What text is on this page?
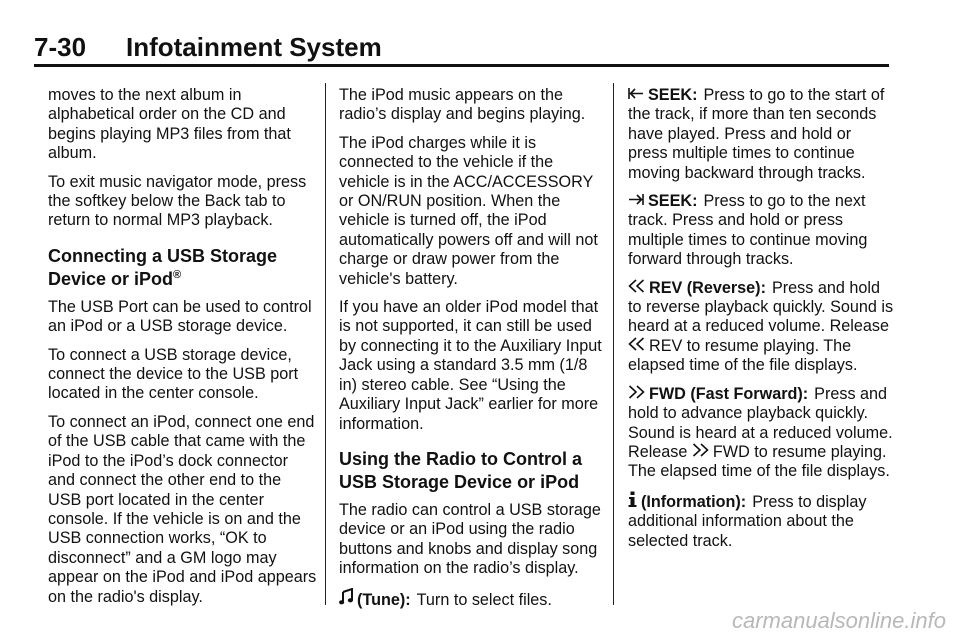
7-30 Infotainment System

moves to the next album in alphabetical order on the CD and begins playing MP3 files from that album.

To exit music navigator mode, press the softkey below the Back tab to return to normal MP3 playback.

Connecting a USB Storage Device or iPod®

The USB Port can be used to control an iPod or a USB storage device.

To connect a USB storage device, connect the device to the USB port located in the center console.

To connect an iPod, connect one end of the USB cable that came with the iPod to the iPod’s dock connector and connect the other end to the USB port located in the center console. If the vehicle is on and the USB connection works, “OK to disconnect” and a GM logo may appear on the iPod and iPod appears on the radio's display.

The iPod music appears on the radio’s display and begins playing.

The iPod charges while it is connected to the vehicle if the vehicle is in the ACC/ACCESSORY or ON/RUN position. When the vehicle is turned off, the iPod automatically powers off and will not charge or draw power from the vehicle's battery.

If you have an older iPod model that is not supported, it can still be used by connecting it to the Auxiliary Input Jack using a standard 3.5 mm (1/8 in) stereo cable. See “Using the Auxiliary Input Jack” earlier for more information.

Using the Radio to Control a USB Storage Device or iPod

The radio can control a USB storage device or an iPod using the radio buttons and knobs and display song information on the radio’s display.

(Tune): Turn to select files.

SEEK: Press to go to the start of the track, if more than ten seconds have played. Press and hold or press multiple times to continue moving backward through tracks.

SEEK: Press to go to the next track. Press and hold or press multiple times to continue moving forward through tracks.

REV (Reverse): Press and hold to reverse playback quickly. Sound is heard at a reduced volume. Release
REV to resume playing. The elapsed time of the file displays.

FWD (Fast Forward): Press and hold to advance playback quickly. Sound is heard at a reduced volume. Release FWD to resume playing. The elapsed time of the file displays.

(Information): Press to display additional information about the selected track.

carmanualsonline.info
